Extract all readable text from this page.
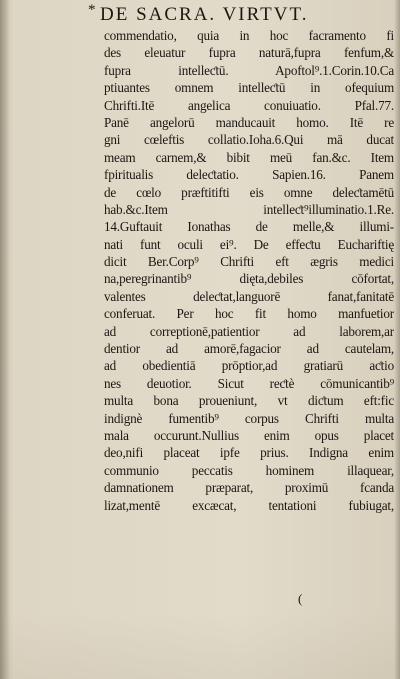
* DE SACRA. VIRTVT.
commendatio, quia in hoc facramento fi
des eleuatur fupra naturā,fupra fenfum,&
fupra intelleƈtū. Apoftol⁹.1.Corin.10.Ca
ptiuantes omnem intelleƈtū in ofequium
Chrifti.Itē angelica conuiuatio. Pfal.77.
Panē angelorū manducauit homo. Itē re
gni cœleftis collatio.Ioha.6.Qui mā ducat
meam carnem,& bibit meū fan.&c. Item
fpiritualis deleƈtatio. Sapien.16. Panem
de cœlo præftitifti eis omne deleƈtamētū
hab.&c.Item intelleƈt⁹illuminatio.1.Re.
14.Guftauit Ionathas de melle,& illumi-
nati funt oculi ei⁹. De effeƈtu Euchariftię
dicit Ber.Corp⁹ Chrifti eft ægris medici
na,peregrinantib⁹ dięta,debiles cōfortat,
valentes deleƈtat,languorē fanat,fanitatē
conferuat. Per hoc fit homo manfuetior
ad correptionē,patientior ad laborem,ar
dentior ad amorē,fagacior ad cautelam,
ad obedientiā prōptior,ad gratiarū aƈtio
nes deuotior. Sicut reƈtè cōmunicantib⁹
multa bona proueniunt, vt diƈtum eft:fic
indignè fumentib⁹ corpus Chrifti multa
mala occurunt.Nullius enim opus placet
deo,nifi placeat ipfe prius. Indigna enim
communio peccatis hominem illaquear,
damnationem præparat, proximū fcanda
lizat,mentē excæcat, tentationi fubiugat,
(
